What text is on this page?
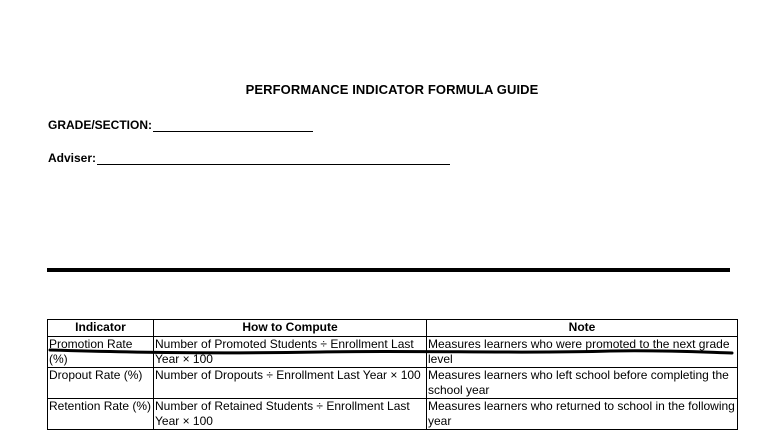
PERFORMANCE INDICATOR FORMULA GUIDE
GRADE/SECTION:
Adviser:
Indicator	How to Compute	Note
Promotion Rate (%)	Number of Promoted Students ÷ Enrollment Last Year × 100	Measures learners who were promoted to the next grade level
Dropout Rate (%)	Number of Dropouts ÷ Enrollment Last Year × 100	Measures learners who left school before completing the school year
Retention Rate (%)	Number of Retained Students ÷ Enrollment Last Year × 100	Measures learners who returned to school in the following year
